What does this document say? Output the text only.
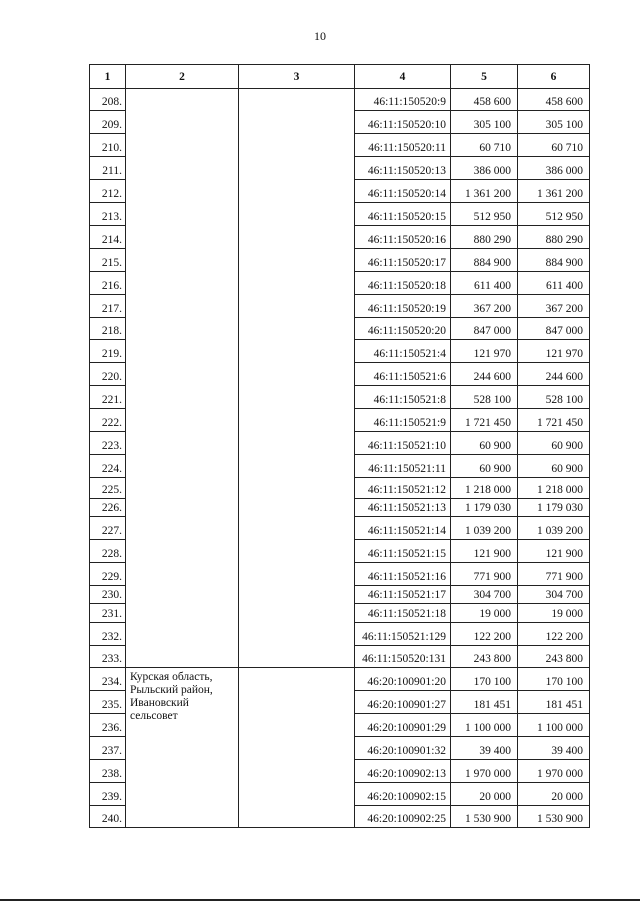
10
1	2	3	4	5	6
208.			46:11:150520:9	458 600	458 600
209.			46:11:150520:10	305 100	305 100
210.			46:11:150520:11	60 710	60 710
211.			46:11:150520:13	386 000	386 000
212.			46:11:150520:14	1 361 200	1 361 200
213.			46:11:150520:15	512 950	512 950
214.			46:11:150520:16	880 290	880 290
215.			46:11:150520:17	884 900	884 900
216.			46:11:150520:18	611 400	611 400
217.			46:11:150520:19	367 200	367 200
218.			46:11:150520:20	847 000	847 000
219.			46:11:150521:4	121 970	121 970
220.			46:11:150521:6	244 600	244 600
221.			46:11:150521:8	528 100	528 100
222.			46:11:150521:9	1 721 450	1 721 450
223.			46:11:150521:10	60 900	60 900
224.			46:11:150521:11	60 900	60 900
225.			46:11:150521:12	1 218 000	1 218 000
226.			46:11:150521:13	1 179 030	1 179 030
227.			46:11:150521:14	1 039 200	1 039 200
228.			46:11:150521:15	121 900	121 900
229.			46:11:150521:16	771 900	771 900
230.			46:11:150521:17	304 700	304 700
231.			46:11:150521:18	19 000	19 000
232.			46:11:150521:129	122 200	122 200
233.			46:11:150520:131	243 800	243 800
234.	Курская область,
Рыльский район,
Ивановский
сельсовет		46:20:100901:20	170 100	170 100
235.			46:20:100901:27	181 451	181 451
236.			46:20:100901:29	1 100 000	1 100 000
237.			46:20:100901:32	39 400	39 400
238.			46:20:100902:13	1 970 000	1 970 000
239.			46:20:100902:15	20 000	20 000
240.			46:20:100902:25	1 530 900	1 530 900
